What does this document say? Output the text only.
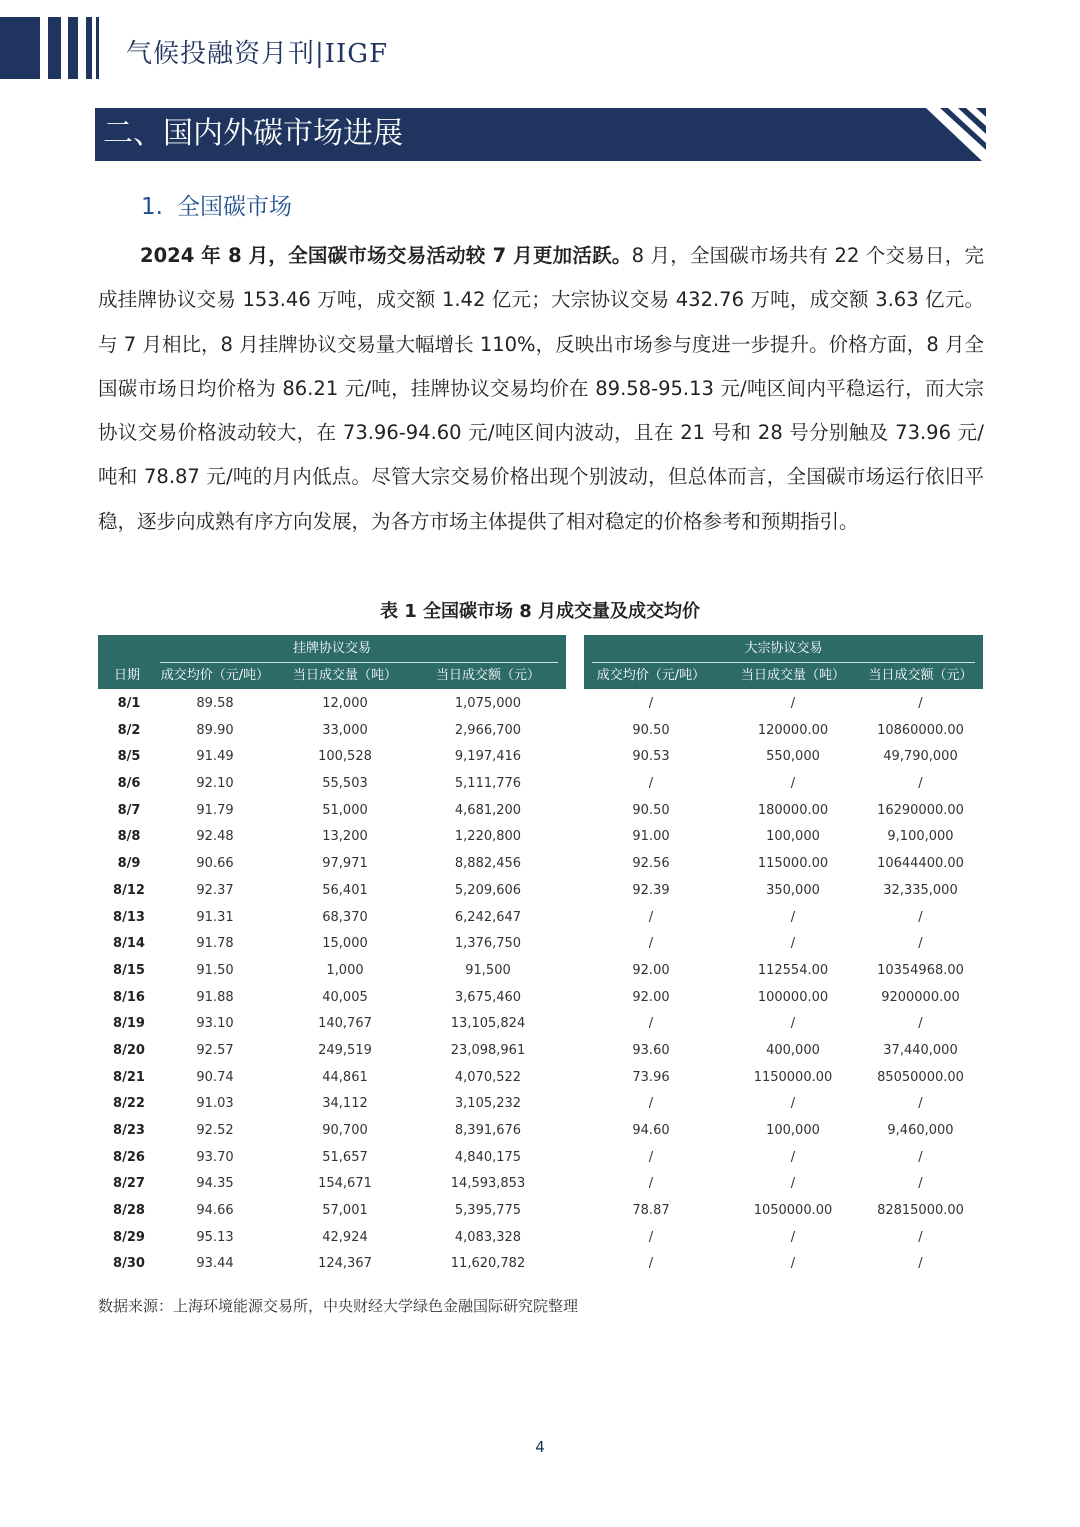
气候投融资月刊|IIGF
二、国内外碳市场进展
1. 全国碳市场
2024 年 8 月，全国碳市场交易活动较 7 月更加活跃。8 月，全国碳市场共有 22 个交易日，完成挂牌协议交易 153.46 万吨，成交额 1.42 亿元；大宗协议交易 432.76 万吨，成交额 3.63 亿元。与 7 月相比，8 月挂牌协议交易量大幅增长 110%，反映出市场参与度进一步提升。价格方面，8 月全国碳市场日均价格为 86.21 元/吨，挂牌协议交易均价在 89.58-95.13 元/吨区间内平稳运行，而大宗协议交易价格波动较大，在 73.96-94.60 元/吨区间内波动，且在 21 号和 28 号分别触及 73.96 元/吨和 78.87 元/吨的月内低点。尽管大宗交易价格出现个别波动，但总体而言，全国碳市场运行依旧平稳，逐步向成熟有序方向发展，为各方市场主体提供了相对稳定的价格参考和预期指引。
表 1 全国碳市场 8 月成交量及成交均价
挂牌协议交易	大宗协议交易
日期	成交均价（元/吨）	当日成交量（吨）	当日成交额（元）	成交均价（元/吨）	当日成交量（吨）	当日成交额（元）
8/1	89.58	12,000	1,075,000	/	/	/
8/2	89.90	33,000	2,966,700	90.50	120000.00	10860000.00
8/5	91.49	100,528	9,197,416	90.53	550,000	49,790,000
8/6	92.10	55,503	5,111,776	/	/	/
8/7	91.79	51,000	4,681,200	90.50	180000.00	16290000.00
8/8	92.48	13,200	1,220,800	91.00	100,000	9,100,000
8/9	90.66	97,971	8,882,456	92.56	115000.00	10644400.00
8/12	92.37	56,401	5,209,606	92.39	350,000	32,335,000
8/13	91.31	68,370	6,242,647	/	/	/
8/14	91.78	15,000	1,376,750	/	/	/
8/15	91.50	1,000	91,500	92.00	112554.00	10354968.00
8/16	91.88	40,005	3,675,460	92.00	100000.00	9200000.00
8/19	93.10	140,767	13,105,824	/	/	/
8/20	92.57	249,519	23,098,961	93.60	400,000	37,440,000
8/21	90.74	44,861	4,070,522	73.96	1150000.00	85050000.00
8/22	91.03	34,112	3,105,232	/	/	/
8/23	92.52	90,700	8,391,676	94.60	100,000	9,460,000
8/26	93.70	51,657	4,840,175	/	/	/
8/27	94.35	154,671	14,593,853	/	/	/
8/28	94.66	57,001	5,395,775	78.87	1050000.00	82815000.00
8/29	95.13	42,924	4,083,328	/	/	/
8/30	93.44	124,367	11,620,782	/	/	/
数据来源：上海环境能源交易所，中央财经大学绿色金融国际研究院整理
4
